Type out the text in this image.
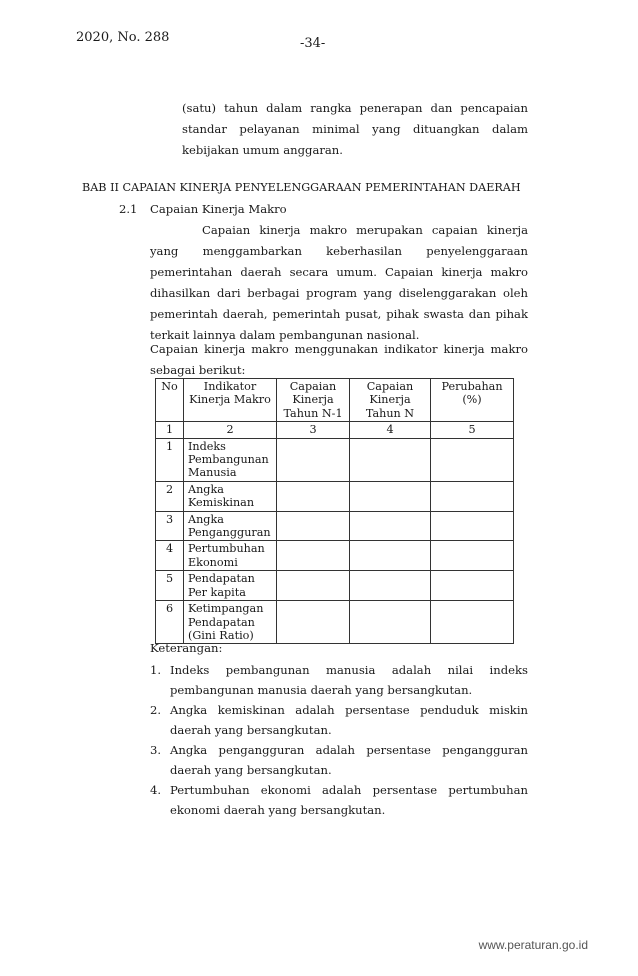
2020, No. 288	-34-
(satu) tahun dalam rangka penerapan dan pencapaian standar pelayanan minimal yang dituangkan dalam kebijakan umum anggaran.
BAB II CAPAIAN KINERJA PENYELENGGARAAN PEMERINTAHAN DAERAH
2.1 Capaian Kinerja Makro
Capaian kinerja makro merupakan capaian kinerja yang menggambarkan keberhasilan penyelenggaraan pemerintahan daerah secara umum. Capaian kinerja makro dihasilkan dari berbagai program yang diselenggarakan oleh pemerintah daerah, pemerintah pusat, pihak swasta dan pihak terkait lainnya dalam pembangunan nasional.
Capaian kinerja makro menggunakan indikator kinerja makro sebagai berikut:
No	Indikator Kinerja Makro	Capaian Kinerja Tahun N-1	Capaian Kinerja Tahun N	Perubahan (%)
1	2	3	4	5
1	Indeks Pembangunan Manusia			
2	Angka Kemiskinan			
3	Angka Pengangguran			
4	Pertumbuhan Ekonomi			
5	Pendapatan Per kapita			
6	Ketimpangan Pendapatan (Gini Ratio)			
Keterangan:
1. Indeks pembangunan manusia adalah nilai indeks pembangunan manusia daerah yang bersangkutan.
2. Angka kemiskinan adalah persentase penduduk miskin daerah yang bersangkutan.
3. Angka pengangguran adalah persentase pengangguran daerah yang bersangkutan.
4. Pertumbuhan ekonomi adalah persentase pertumbuhan ekonomi daerah yang bersangkutan.
www.peraturan.go.id
